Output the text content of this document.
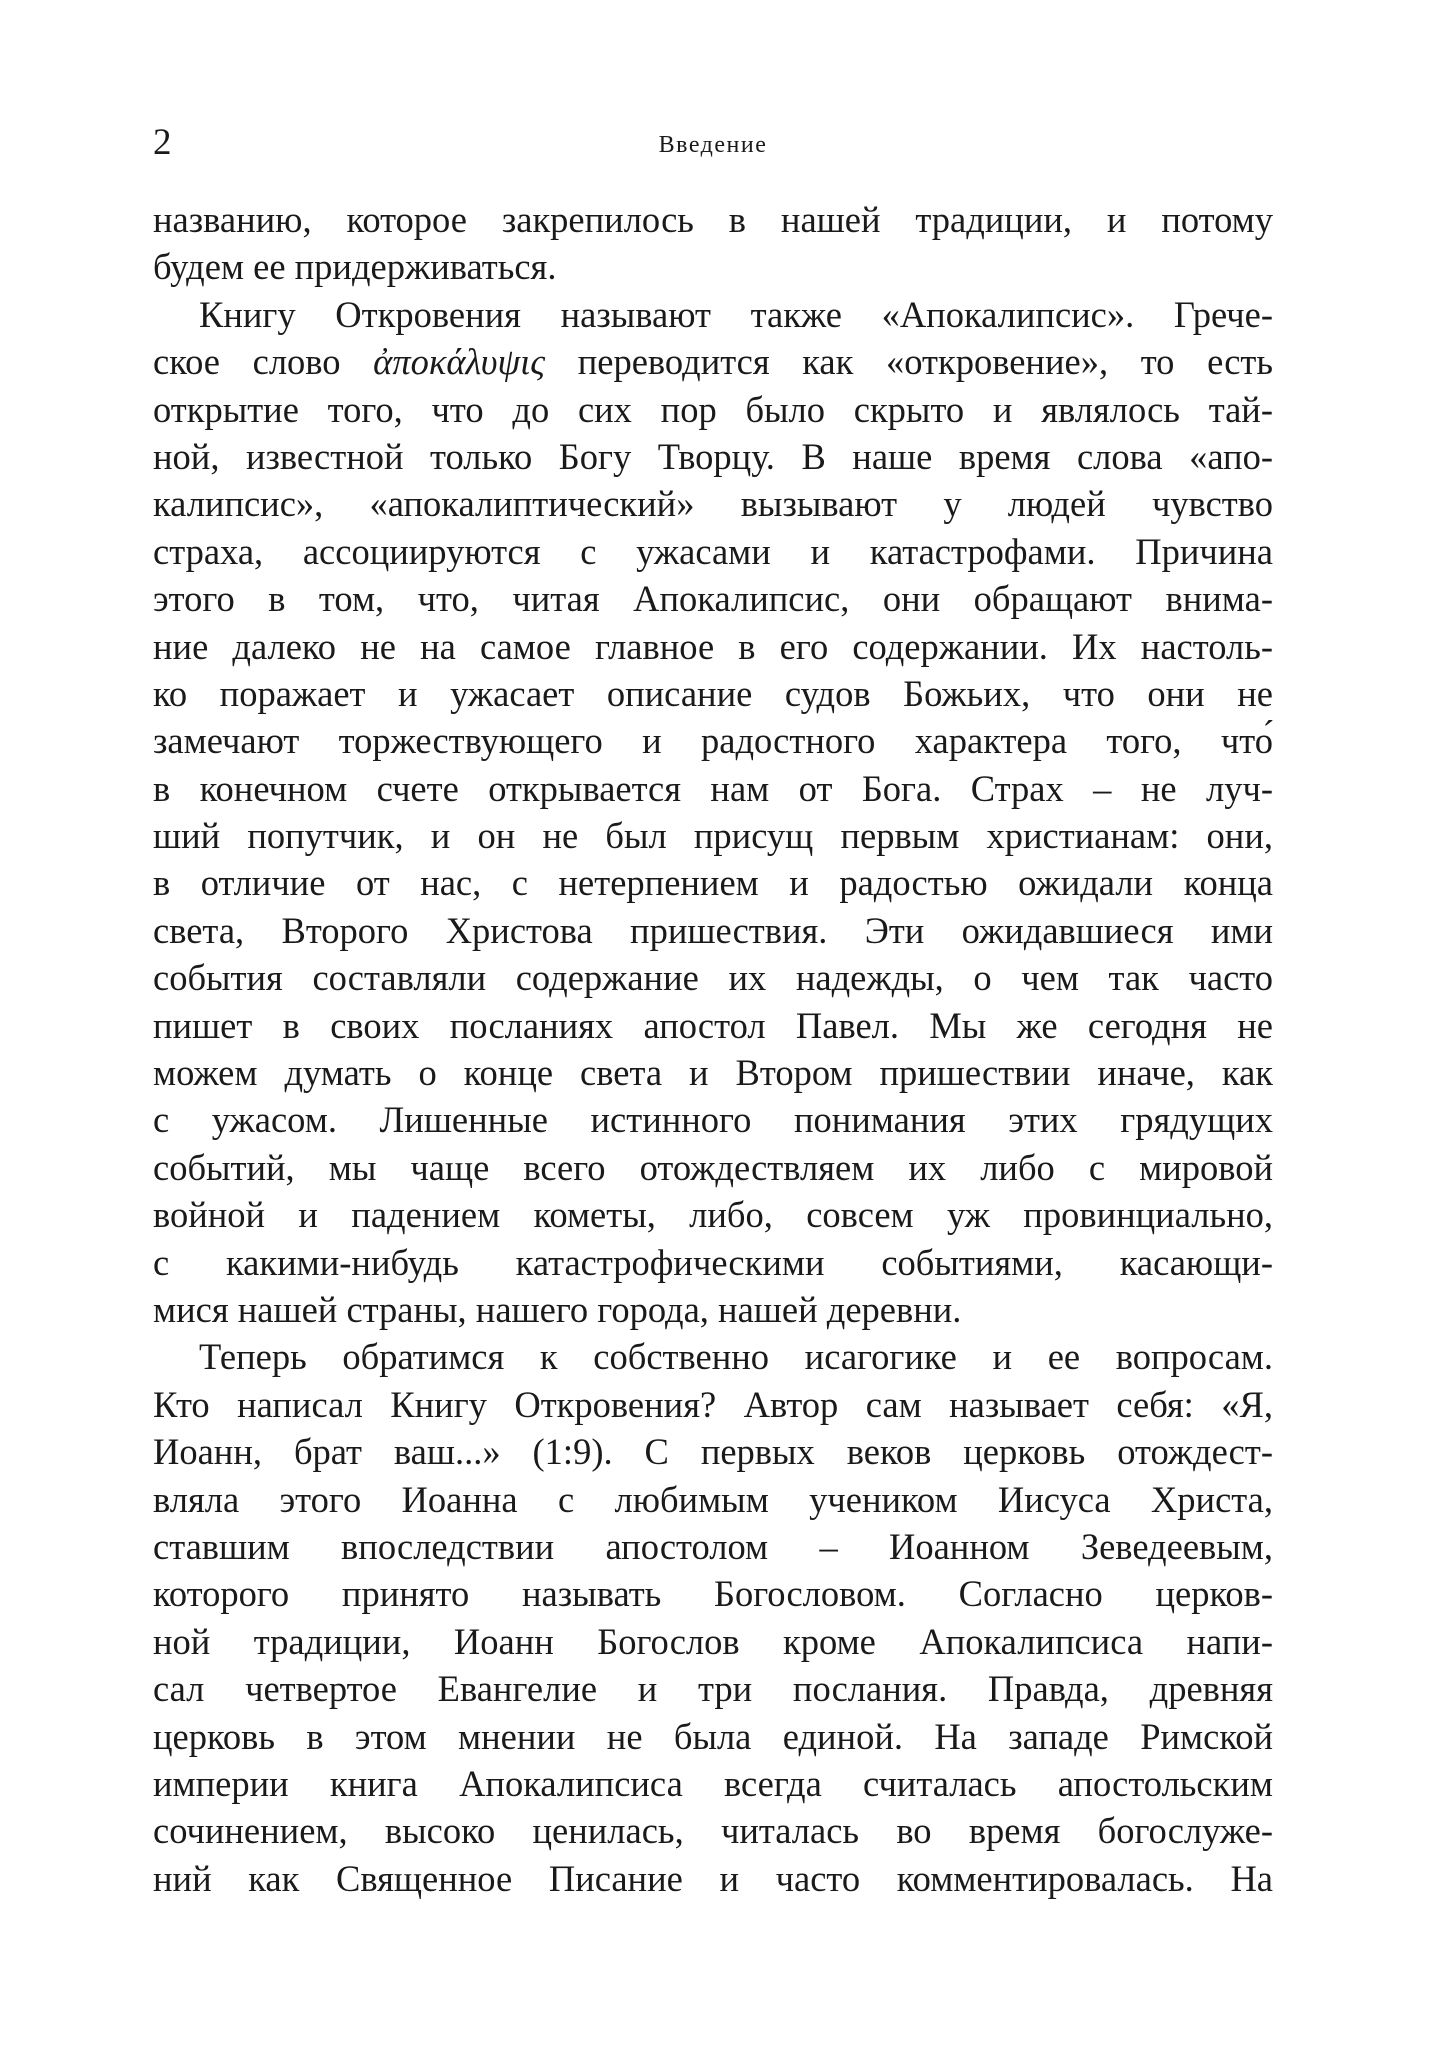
2	Введение
названию, которое закрепилось в нашей традиции, и потому
будем ее придерживаться.
Книгу Откровения называют также «Апокалипсис». Грече-
ское слово ἀποκάλυψις переводится как «откровение», то есть
открытие того, что до сих пор было скрыто и являлось тай-
ной, известной только Богу Творцу. В наше время слова «апо-
калипсис», «апокалиптический» вызывают у людей чувство
страха, ассоциируются с ужасами и катастрофами. Причина
этого в том, что, читая Апокалипсис, они обращают внима-
ние далеко не на самое главное в его содержании. Их настоль-
ко поражает и ужасает описание судов Божьих, что они не
замечают торжествующего и радостного характера того, что́
в конечном счете открывается нам от Бога. Страх – не луч-
ший попутчик, и он не был присущ первым христианам: они,
в отличие от нас, с нетерпением и радостью ожидали конца
света, Второго Христова пришествия. Эти ожидавшиеся ими
события составляли содержание их надежды, о чем так часто
пишет в своих посланиях апостол Павел. Мы же сегодня не
можем думать о конце света и Втором пришествии иначе, как
с ужасом. Лишенные истинного понимания этих грядущих
событий, мы чаще всего отождествляем их либо с мировой
войной и падением кометы, либо, совсем уж провинциально,
с какими-нибудь катастрофическими событиями, касающи-
мися нашей страны, нашего города, нашей деревни.
Теперь обратимся к собственно исагогике и ее вопросам.
Кто написал Книгу Откровения? Автор сам называет себя: «Я,
Иоанн, брат ваш...» (1:9). С первых веков церковь отождест-
вляла этого Иоанна с любимым учеником Иисуса Христа,
ставшим впоследствии апостолом – Иоанном Зеведеевым,
которого принято называть Богословом. Согласно церков-
ной традиции, Иоанн Богослов кроме Апокалипсиса напи-
сал четвертое Евангелие и три послания. Правда, древняя
церковь в этом мнении не была единой. На западе Римской
империи книга Апокалипсиса всегда считалась апостольским
сочинением, высоко ценилась, читалась во время богослуже-
ний как Священное Писание и часто комментировалась. На
